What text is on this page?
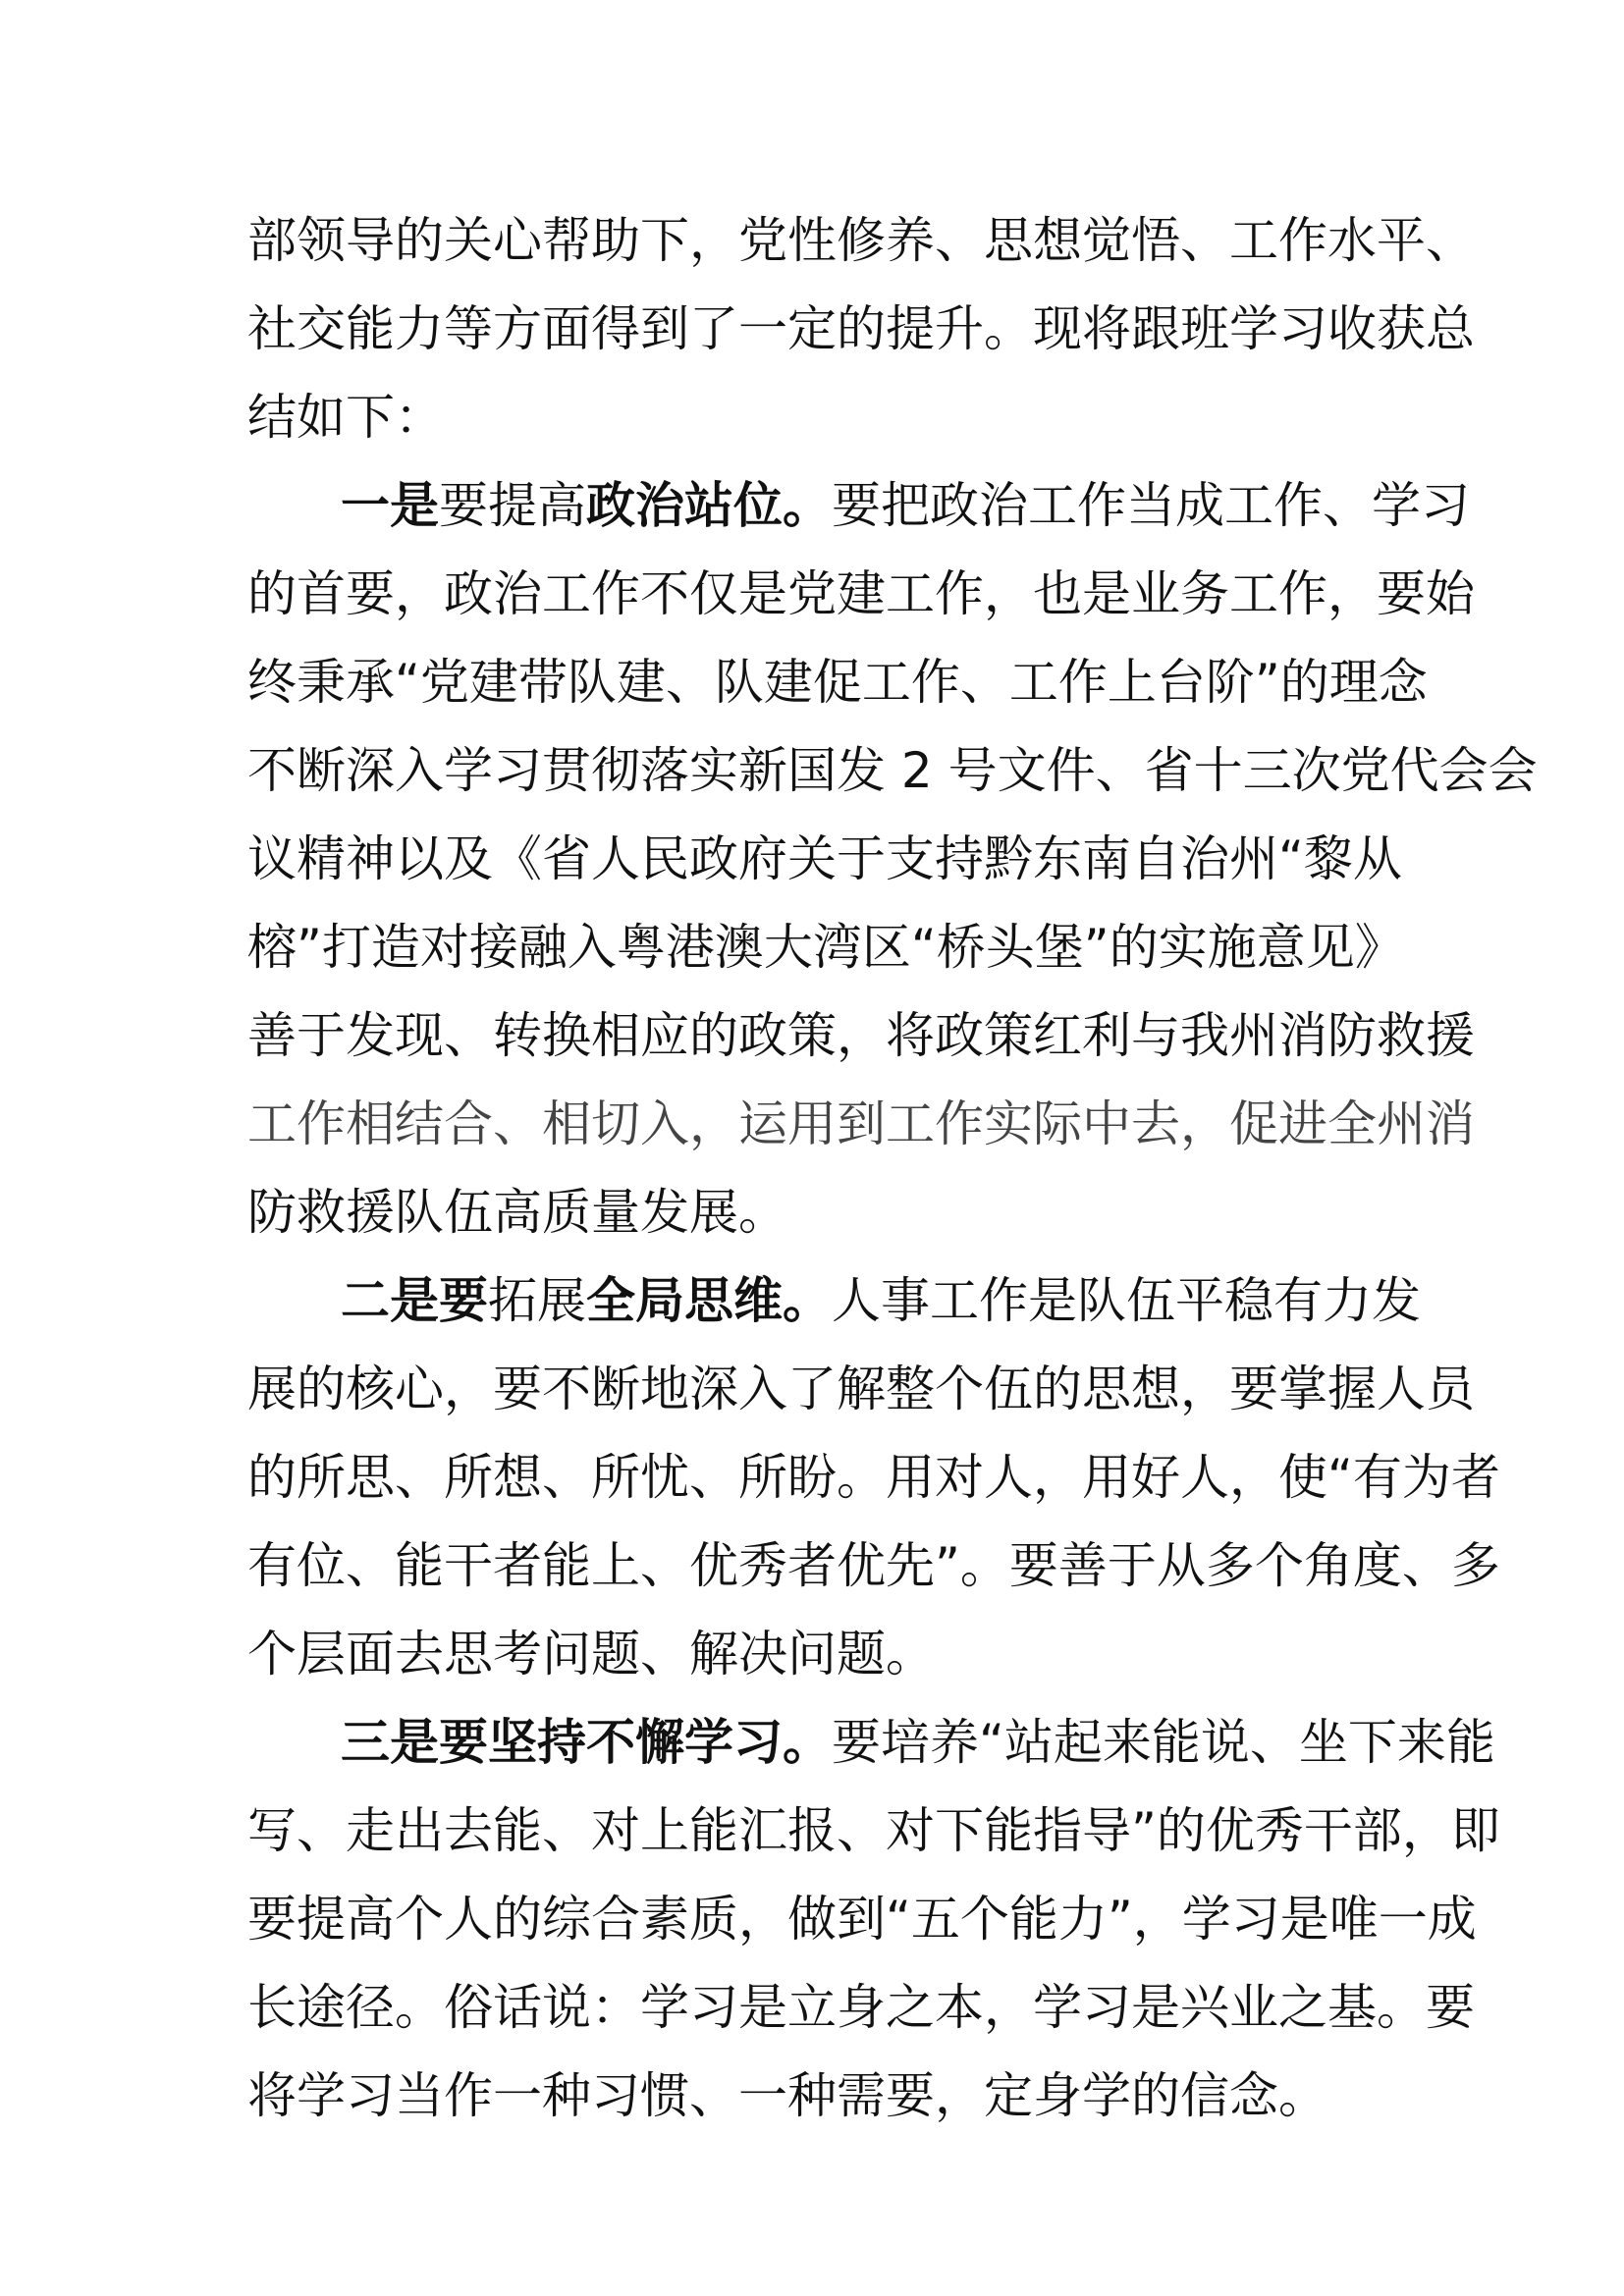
部领导的关心帮助下，党性修养、思想觉悟、工作水平、
社交能力等方面得到了一定的提升。现将跟班学习收获总
结如下：
一是要提高政治站位。要把政治工作当成工作、学习
的首要，政治工作不仅是党建工作，也是业务工作，要始
终秉承“党建带队建、队建促工作、工作上台阶”的理念
不断深入学习贯彻落实新国发 2 号文件、省十三次党代会会
议精神以及《省人民政府关于支持黔东南自治州“黎从
榕”打造对接融入粤港澳大湾区“桥头堡”的实施意见》
善于发现、转换相应的政策，将政策红利与我州消防救援
工作相结合、相切入，运用到工作实际中去，促进全州消
防救援队伍高质量发展。
二是要拓展全局思维。人事工作是队伍平稳有力发
展的核心，要不断地深入了解整个伍的思想，要掌握人员
的所思、所想、所忧、所盼。用对人，用好人，使“有为者
有位、能干者能上、优秀者优先”。要善于从多个角度、多
个层面去思考问题、解决问题。
三是要坚持不懈学习。要培养“站起来能说、坐下来能
写、走出去能、对上能汇报、对下能指导”的优秀干部，即
要提高个人的综合素质，做到“五个能力”，学习是唯一成
长途径。俗话说：学习是立身之本，学习是兴业之基。要
将学习当作一种习惯、一种需要，定身学的信念。
